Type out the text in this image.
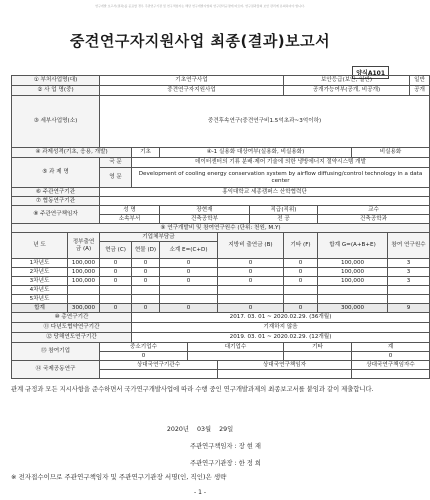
연구개발 보고서(결과)를 공표할 경우 주관연구기관 및 연구책임자는 해당 연구개발사업의 연구관리규정에 따르며, 연구결과물의 보안 관리에 유의하여야 합니다.
중견연구자지원사업 최종(결과)보고서
양식A101
① 부처사업명(대)		기초연구사업						보안등급(보안, 일반)				일반
② 사 업 명(중)		중견연구자지원사업						공개가능여부(공개, 비공개)				공개
③ 세부사업명(소)		중견후속연구(중견연구비1.5억초과~3억이하)										
④ 과제성격(기초, 응용, 개발)			기초	④-1 실용화 대상여부(실용화, 비실용화)						비실용화		
⑤ 과 제 명		국 문	데이터센터의 기류 분배·제어 기술에 의한 냉방에너지 절약시스템 개발									
		영 문	Development of cooling energy conservation system by airflow diffusing/control technology in a data center									
⑥ 주관연구기관		홍익대학교 세종캠퍼스 산학협력단										
⑦ 협동연구기관												
⑧ 주관연구책임자		성 명		장현재			직급(직위)		교수			
		소속부서		건축공학부			전 공		건축공학과			
⑨ 연구개발비 및 참여연구원수 (단위: 천원, M.Y)												
년 도	정부출연금 (A)	기업체부담금				지방비 출연금 (B)		기타 (F)	합계 G=(A+B+E)		참여 연구원수	
		현금 (C)	현물 (D)	소계 E=(C+D)								
1차년도	100,000	0	0	0		0		0	100,000		3	
2차년도	100,000	0	0	0		0		0	100,000		3	
3차년도	100,000	0	0	0		0		0	100,000		3	
4차년도												
5차년도												
합계	300,000	0	0	0		0		0	300,000		9	
⑩ 총연구기간			2017. 03. 01 ~ 2020.02.29. (36개월)									
⑪ 다년도협약연구기간			기재하지 않음									
⑫ 당해연도연구기간			2019. 03. 01 ~ 2020.02.29. (12개월)									
⑬ 참여기업		중소기업수			대기업수			기타		계		
		0								0		
⑭ 국제공동연구		상대국연구기관수				상대국연구책임자				상대국연구책임자수		

관계 규정과 모든 지시사항을 준수하면서 국가연구개발사업에 따라 수행 중인 연구개발과제의 최종보고서를 붙임과 같이 제출합니다.
2020년 03월 29일
주관연구책임자 : 장 현 재
주관연구기관장 : 한 정 희
※ 전자접수이므로 주관연구책임자 및 주관연구기관장 서명(인, 직인)은 생략
- 1 -
